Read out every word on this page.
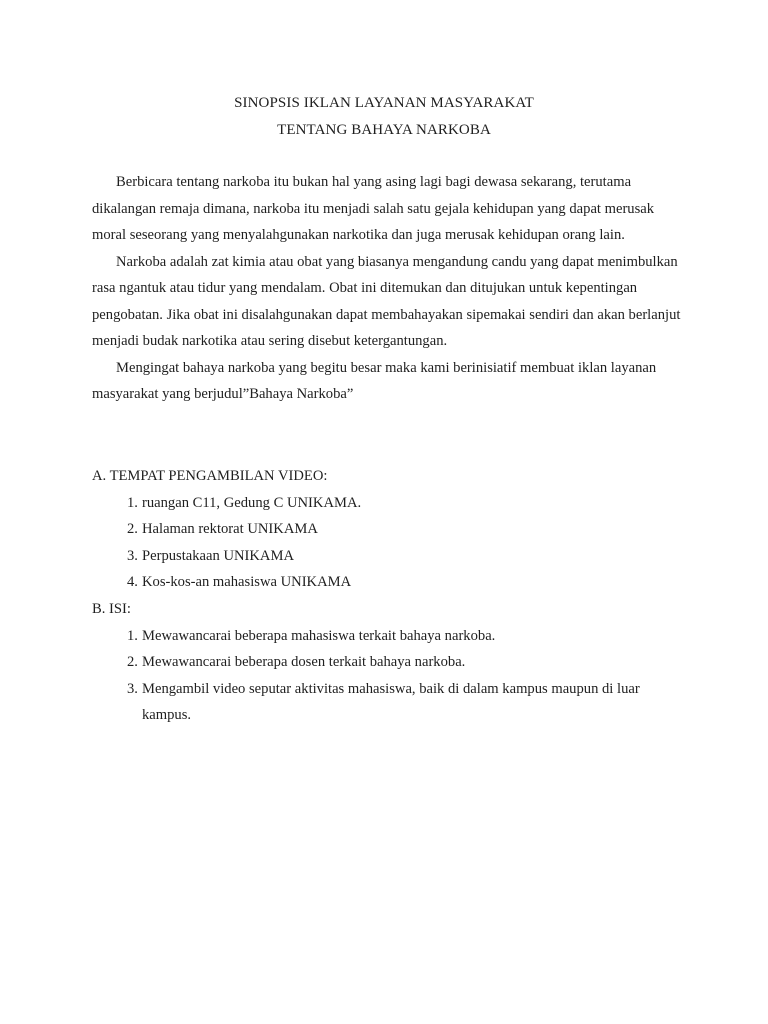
SINOPSIS IKLAN LAYANAN MASYARAKAT
TENTANG BAHAYA NARKOBA

Berbicara tentang narkoba itu bukan hal yang asing lagi bagi dewasa sekarang, terutama dikalangan remaja dimana, narkoba itu menjadi salah satu gejala kehidupan yang dapat merusak moral seseorang yang menyalahgunakan narkotika dan juga merusak kehidupan orang lain.

Narkoba adalah zat kimia atau obat yang biasanya mengandung candu yang dapat menimbulkan rasa ngantuk atau tidur yang mendalam. Obat ini ditemukan dan ditujukan untuk kepentingan pengobatan. Jika obat ini disalahgunakan dapat membahayakan sipemakai sendiri dan akan berlanjut menjadi budak narkotika atau sering disebut ketergantungan.

Mengingat bahaya narkoba yang begitu besar maka kami berinisiatif membuat iklan layanan masyarakat yang berjudul”Bahaya Narkoba”

A. TEMPAT PENGAMBILAN VIDEO:

1. ruangan C11, Gedung C UNIKAMA.
2. Halaman rektorat UNIKAMA
3. Perpustakaan UNIKAMA
4. Kos-kos-an mahasiswa UNIKAMA

B. ISI:

1. Mewawancarai beberapa mahasiswa terkait bahaya narkoba.
2. Mewawancarai beberapa dosen terkait bahaya narkoba.
3. Mengambil video seputar aktivitas mahasiswa, baik di dalam kampus maupun di luar kampus.
